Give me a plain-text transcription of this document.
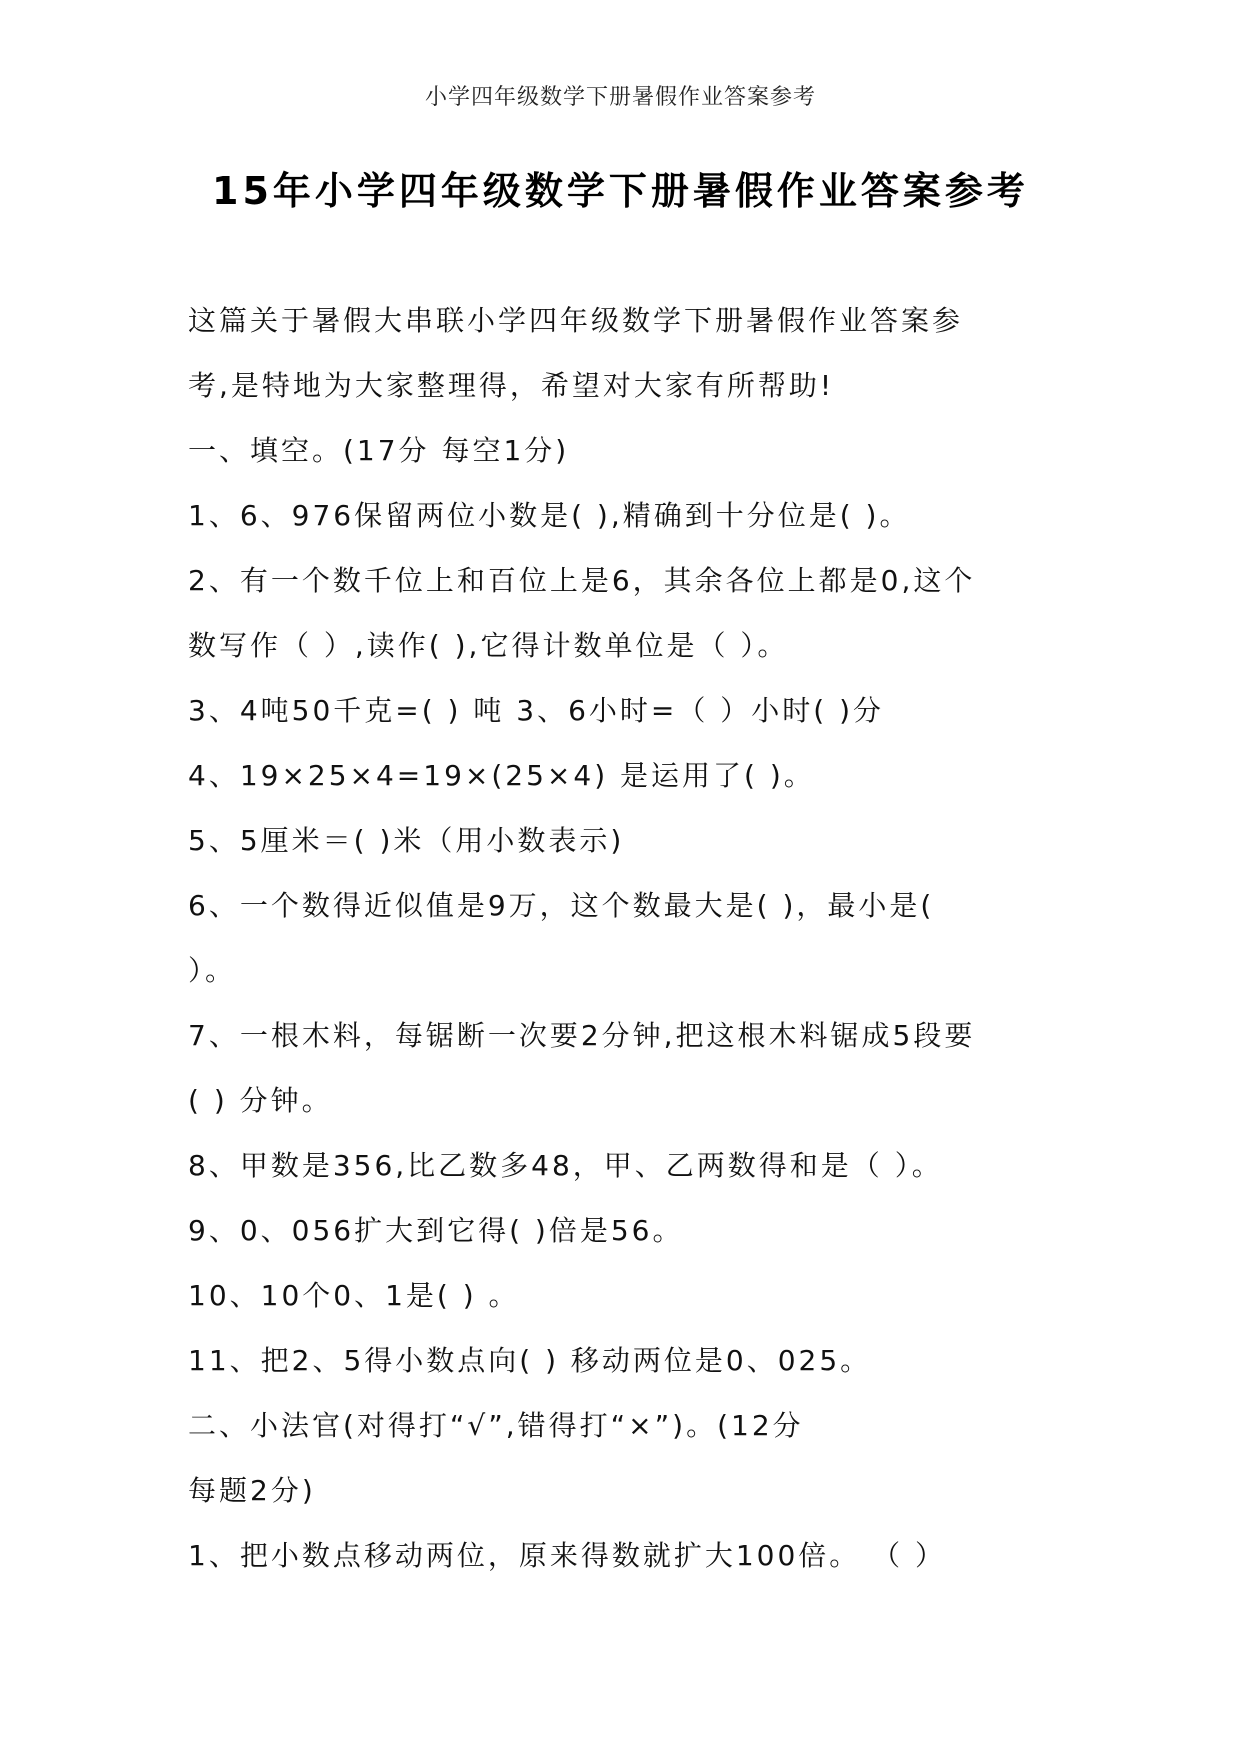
小学四年级数学下册暑假作业答案参考
15年小学四年级数学下册暑假作业答案参考
这篇关于暑假大串联小学四年级数学下册暑假作业答案参
考,是特地为大家整理得，希望对大家有所帮助!
一、填空。(17分 每空1分)
1、6、976保留两位小数是( ),精确到十分位是( )。
2、有一个数千位上和百位上是6，其余各位上都是0,这个
数写作（ ）,读作( ),它得计数单位是（ ）。
3、4吨50千克=( ) 吨 3、6小时=（ ）小时( )分
4、19×25×4=19×(25×4) 是运用了( )。
5、5厘米＝( )米（用小数表示)
6、一个数得近似值是9万，这个数最大是( )，最小是(
）。
7、一根木料，每锯断一次要2分钟,把这根木料锯成5段要
( ) 分钟。
8、甲数是356,比乙数多48，甲、乙两数得和是（ ）。
9、0、056扩大到它得( )倍是56。
10、10个0、1是( ) 。
11、把2、5得小数点向( ) 移动两位是0、025。
二、小法官(对得打“√”,错得打“×”)。(12分
每题2分)
1、把小数点移动两位，原来得数就扩大100倍。 （ ）
